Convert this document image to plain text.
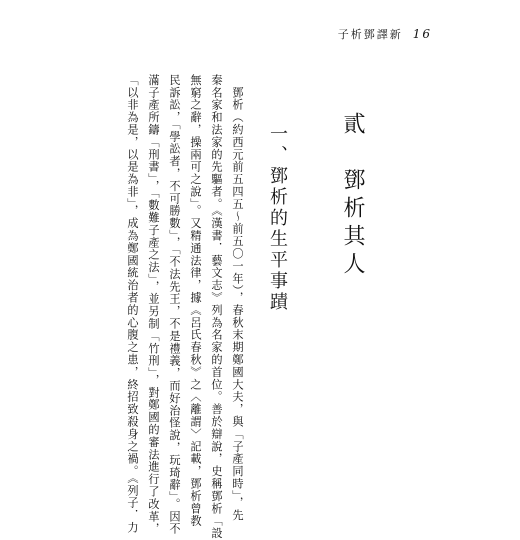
子析鄧譯新 16
貳　鄧析其人
一、鄧析的生平事蹟
　鄧析（約西元前五四五～前五〇一年），春秋末期鄭國大夫，與「子產同時」，先
秦名家和法家的先驅者。《漢書．藝文志》列為名家的首位。善於辯說，史稱鄧析「設
無窮之辭，操兩可之說」。又精通法律，據《呂氏春秋》之〈離謂〉記載，鄧析曾教
民訴訟，「學訟者，不可勝數」，「不法先王，不是禮義，而好治怪說，玩琦辭」。因不
滿子產所鑄「刑書」，「數難子產之法」，並另制「竹刑」，對鄭國的審法進行了改革，
「以非為是，以是為非」，成為鄭國統治者的心腹之患，終招致殺身之禍。《列子．力
